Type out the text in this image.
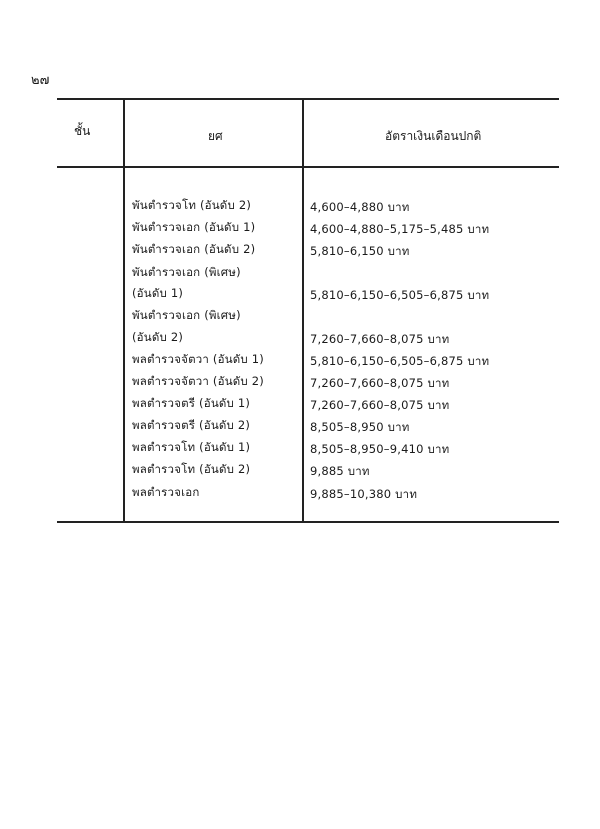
๒๗
ชั้น	ยศ	อัตราเงินเดือนปกติ
พันตำรวจโท (อันดับ 2)	4,600–4,880 บาท
พันตำรวจเอก (อันดับ 1)	4,600–4,880–5,175–5,485 บาท
พันตำรวจเอก (อันดับ 2)	5,810–6,150 บาท
พันตำรวจเอก (พิเศษ)
(อันดับ 1)	5,810–6,150–6,505–6,875 บาท
พันตำรวจเอก (พิเศษ)
(อันดับ 2)	7,260–7,660–8,075 บาท
พลตำรวจจัตวา (อันดับ 1)	5,810–6,150–6,505–6,875 บาท
พลตำรวจจัตวา (อันดับ 2)	7,260–7,660–8,075 บาท
พลตำรวจตรี (อันดับ 1)	7,260–7,660–8,075 บาท
พลตำรวจตรี (อันดับ 2)	8,505–8,950 บาท
พลตำรวจโท (อันดับ 1)	8,505–8,950–9,410 บาท
พลตำรวจโท (อันดับ 2)	9,885 บาท
พลตำรวจเอก	9,885–10,380 บาท
